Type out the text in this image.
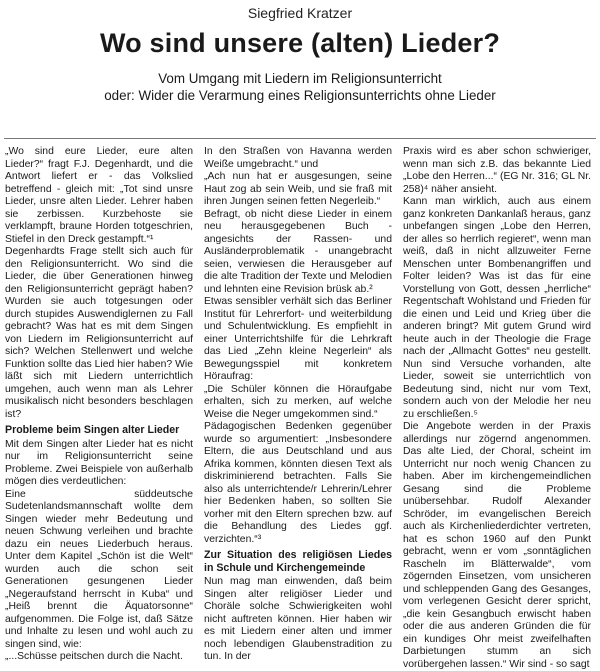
Siegfried Kratzer
Wo sind unsere (alten) Lieder?
Vom Umgang mit Liedern im Religionsunterricht
oder: Wider die Verarmung eines Religionsunterrichts ohne Lieder

„Wo sind eure Lieder, eure alten Lieder?“ fragt F.J. Degenhardt, und die Antwort liefert er - das Volkslied betreffend - gleich mit: „Tot sind unsre Lieder, unsre alten Lieder. Lehrer haben sie zerbissen. Kurzbehoste sie verklampft, braune Horden totgeschrien, Stiefel in den Dreck gestampft.“¹

Degenhardts Frage stellt sich auch für den Religionsunterricht. Wo sind die Lieder, die über Generationen hinweg den Religionsunterricht geprägt haben? Wurden sie auch totgesungen oder durch stupides Auswendiglernen zu Fall gebracht? Was hat es mit dem Singen von Liedern im Religionsunterricht auf sich? Welchen Stellenwert und welche Funktion sollte das Lied hier haben? Wie läßt sich mit Liedern unterrichtlich umgehen, auch wenn man als Lehrer musikalisch nicht besonders beschlagen ist?

Probleme beim Singen alter Lieder

Mit dem Singen alter Lieder hat es nicht nur im Religionsunterricht seine Probleme. Zwei Beispiele von außerhalb mögen dies verdeutlichen:

Eine süddeutsche Sudetenlandsmannschaft wollte dem Singen wieder mehr Bedeutung und neuen Schwung verleihen und brachte dazu ein neues Liederbuch heraus. Unter dem Kapitel „Schön ist die Welt“ wurden auch die schon seit Generationen gesungenen Lieder „Negeraufstand herrscht in Kuba“ und „Heiß brennt die Äquatorsonne“ aufgenommen. Die Folge ist, daß Sätze und Inhalte zu lesen und wohl auch zu singen sind, wie:

„...Schüsse peitschen durch die Nacht.

In den Straßen von Havanna werden Weiße umgebracht.“ und

„Ach nun hat er ausgesungen, seine Haut zog ab sein Weib, und sie fraß mit ihren Jungen seinen fetten Negerleib.“

Befragt, ob nicht diese Lieder in einem neu herausgegebenen Buch - angesichts der Rassen- und Ausländerproblematik - unangebracht seien, verwiesen die Herausgeber auf die alte Tradition der Texte und Melodien und lehnten eine Revision brüsk ab.²

Etwas sensibler verhält sich das Berliner Institut für Lehrerfort- und weiterbildung und Schulentwicklung. Es empfiehlt in einer Unterrichtshilfe für die Lehrkraft das Lied „Zehn kleine Negerlein“ als Bewegungsspiel mit konkretem Höraufrag:

„Die Schüler können die Höraufgabe erhalten, sich zu merken, auf welche Weise die Neger umgekommen sind.“

Pädagogischen Bedenken gegenüber wurde so argumentiert: „Insbesondere Eltern, die aus Deutschland und aus Afrika kommen, könnten diesen Text als diskriminierend betrachten. Falls Sie also als unterrichtende/r Lehrerin/Lehrer hier Bedenken haben, so sollten Sie vorher mit den Eltern sprechen bzw. auf die Behandlung des Liedes ggf. verzichten.“³

Zur Situation des religiösen Liedes in Schule und Kirchengemeinde

Nun mag man einwenden, daß beim Singen alter religiöser Lieder und Choräle solche Schwierigkeiten wohl nicht auftreten können. Hier haben wir es mit Liedern einer alten und immer noch lebendigen Glaubenstradition zu tun. In der

Praxis wird es aber schon schwieriger, wenn man sich z.B. das bekannte Lied „Lobe den Herren...“ (EG Nr. 316; GL Nr. 258)⁴ näher ansieht.

Kann man wirklich, auch aus einem ganz konkreten Dankanlaß heraus, ganz unbefangen singen „Lobe den Herren, der alles so herrlich regieret“, wenn man weiß, daß in nicht allzuweiter Ferne Menschen unter Bombenangriffen und Folter leiden? Was ist das für eine Vorstellung von Gott, dessen „herrliche“ Regentschaft Wohlstand und Frieden für die einen und Leid und Krieg über die anderen bringt? Mit gutem Grund wird heute auch in der Theologie die Frage nach der „Allmacht Gottes“ neu gestellt. Nun sind Versuche vorhanden, alte Lieder, soweit sie unterrichtlich von Bedeutung sind, nicht nur vom Text, sondern auch von der Melodie her neu zu erschließen.⁵

Die Angebote werden in der Praxis allerdings nur zögernd angenommen. Das alte Lied, der Choral, scheint im Unterricht nur noch wenig Chancen zu haben. Aber im kirchengemeindlichen Gesang sind die Probleme unübersehbar. Rudolf Alexander Schröder, im evangelischen Bereich auch als Kirchenliederdichter vertreten, hat es schon 1960 auf den Punkt gebracht, wenn er vom „sonntäglichen Rascheln im Blätterwalde“, vom zögernden Einsetzen, vom unsicheren und schleppenden Gang des Gesanges, vom verlegenen Gesicht derer spricht, „die kein Gesangbuch erwischt haben oder die aus anderen Gründen die für ein kundiges Ohr meist zweifelhaften Darbietungen stumm an sich vorübergehen lassen.“ Wir sind - so sagt
